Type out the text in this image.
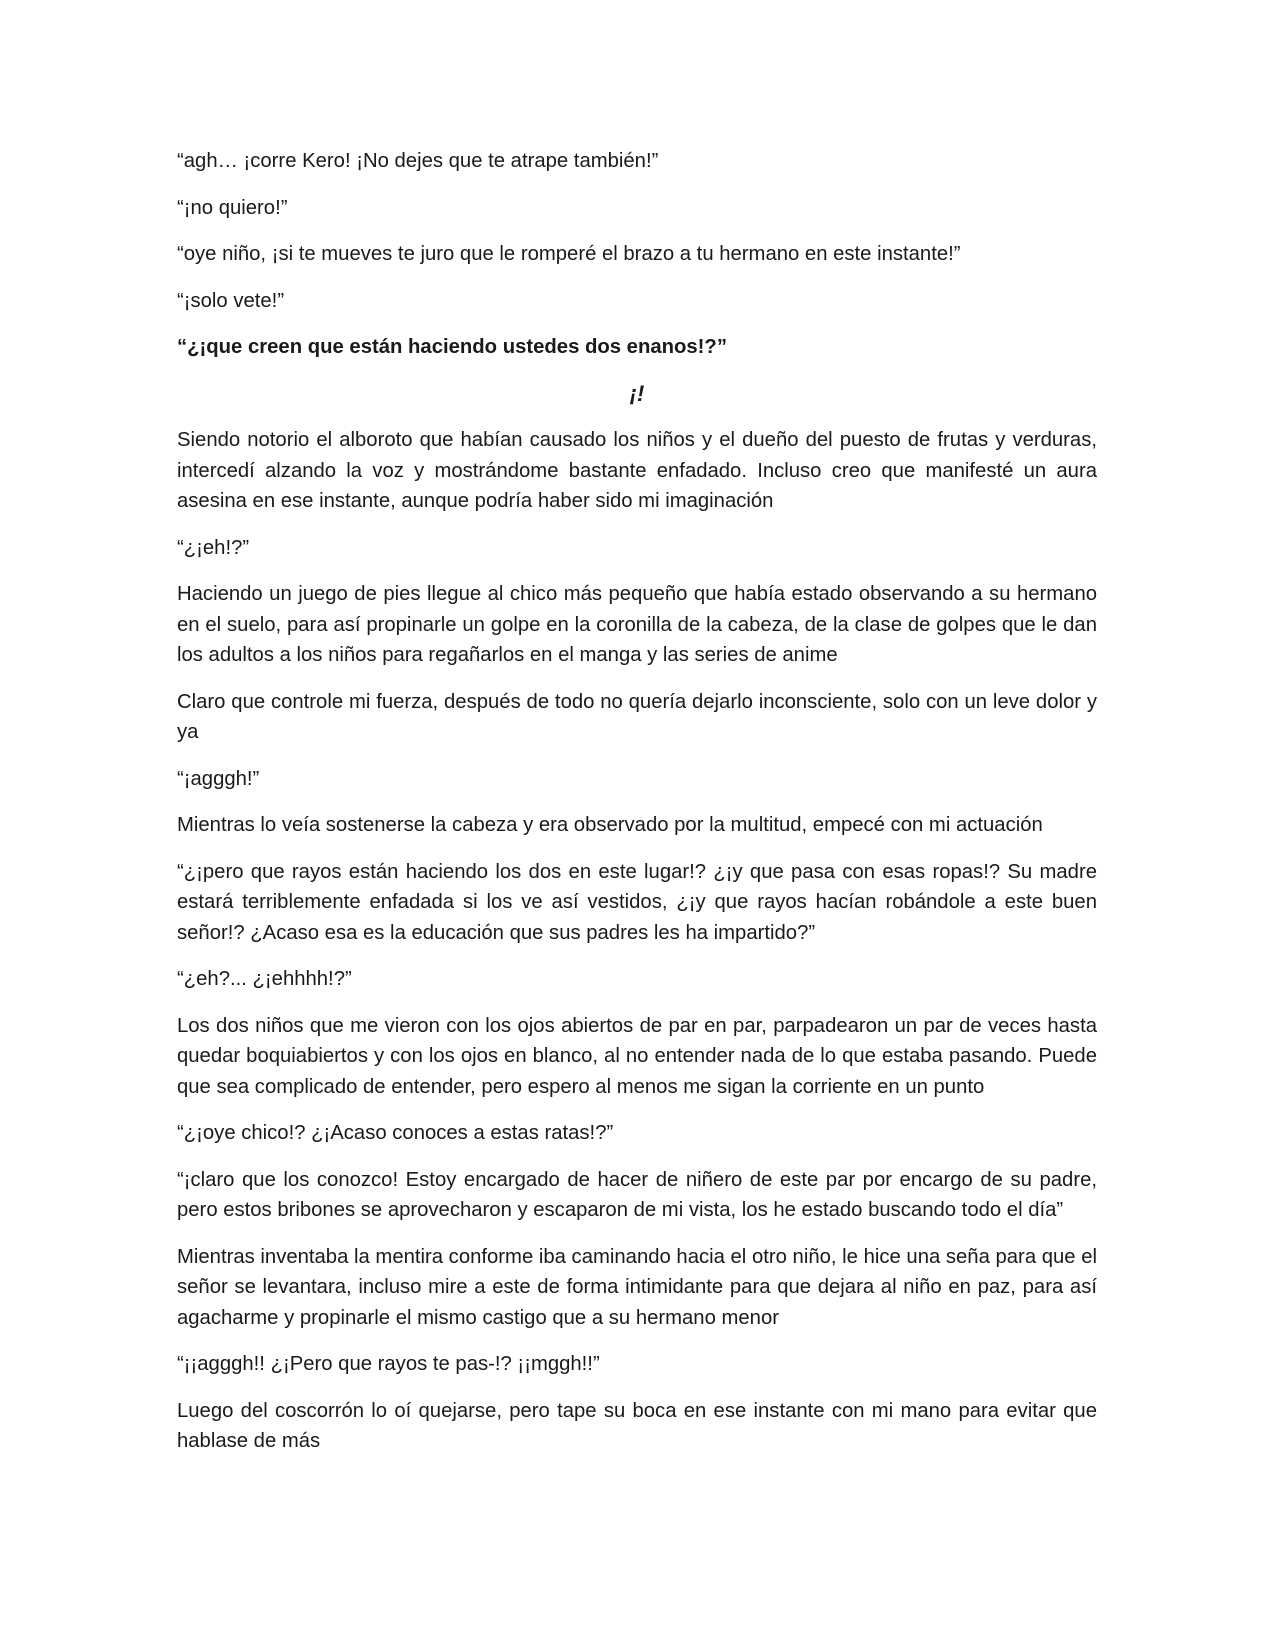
“agh… ¡corre Kero! ¡No dejes que te atrape también!”

“¡no quiero!”

“oye niño, ¡si te mueves te juro que le romperé el brazo a tu hermano en este instante!”

“¡solo vete!”

“¿¡que creen que están haciendo ustedes dos enanos!?”

¡!

Siendo notorio el alboroto que habían causado los niños y el dueño del puesto de frutas y verduras, intercedí alzando la voz y mostrándome bastante enfadado. Incluso creo que manifesté un aura asesina en ese instante, aunque podría haber sido mi imaginación

“¿¡eh!?”

Haciendo un juego de pies llegue al chico más pequeño que había estado observando a su hermano en el suelo, para así propinarle un golpe en la coronilla de la cabeza, de la clase de golpes que le dan los adultos a los niños para regañarlos en el manga y las series de anime

Claro que controle mi fuerza, después de todo no quería dejarlo inconsciente, solo con un leve dolor y ya

“¡agggh!”

Mientras lo veía sostenerse la cabeza y era observado por la multitud, empecé con mi actuación

“¿¡pero que rayos están haciendo los dos en este lugar!? ¿¡y que pasa con esas ropas!? Su madre estará terriblemente enfadada si los ve así vestidos, ¿¡y que rayos hacían robándole a este buen señor!? ¿Acaso esa es la educación que sus padres les ha impartido?”

“¿eh?... ¿¡ehhhh!?”

Los dos niños que me vieron con los ojos abiertos de par en par, parpadearon un par de veces hasta quedar boquiabiertos y con los ojos en blanco, al no entender nada de lo que estaba pasando. Puede que sea complicado de entender, pero espero al menos me sigan la corriente en un punto

“¿¡oye chico!? ¿¡Acaso conoces a estas ratas!?”

“¡claro que los conozco! Estoy encargado de hacer de niñero de este par por encargo de su padre, pero estos bribones se aprovecharon y escaparon de mi vista, los he estado buscando todo el día”

Mientras inventaba la mentira conforme iba caminando hacia el otro niño, le hice una seña para que el señor se levantara, incluso mire a este de forma intimidante para que dejara al niño en paz, para así agacharme y propinarle el mismo castigo que a su hermano menor

“¡¡agggh!! ¿¡Pero que rayos te pas-!? ¡¡mggh!!”

Luego del coscorrón lo oí quejarse, pero tape su boca en ese instante con mi mano para evitar que hablase de más
